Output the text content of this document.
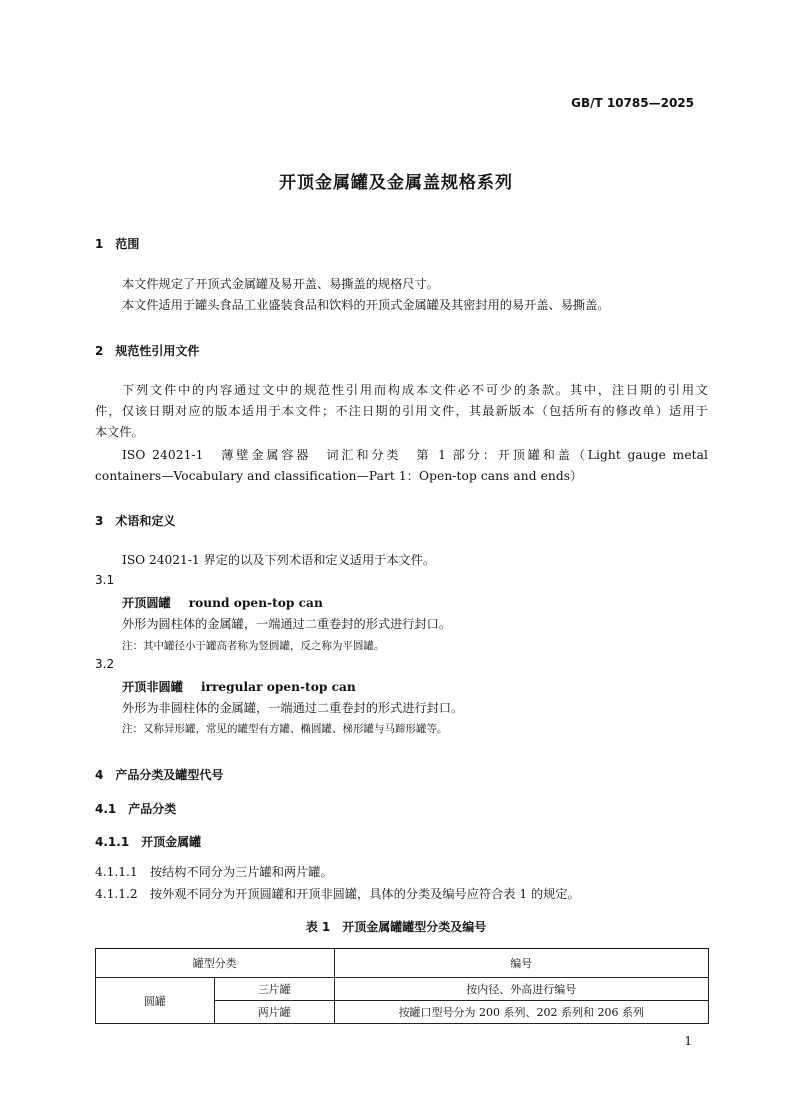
GB/T 10785—2025
开顶金属罐及金属盖规格系列
1　范围
本文件规定了开顶式金属罐及易开盖、易撕盖的规格尺寸。
本文件适用于罐头食品工业盛装食品和饮料的开顶式金属罐及其密封用的易开盖、易撕盖。
2　规范性引用文件
下列文件中的内容通过文中的规范性引用而构成本文件必不可少的条款。其中，注日期的引用文
件，仅该日期对应的版本适用于本文件；不注日期的引用文件，其最新版本（包括所有的修改单）适用于
本文件。
ISO 24021-1　薄壁金属容器　词汇和分类　第 1 部分：开顶罐和盖（Light gauge metal
containers—Vocabulary and classification—Part 1：Open-top cans and ends）
3　术语和定义
ISO 24021-1 界定的以及下列术语和定义适用于本文件。
3.1
开顶圆罐 round open-top can
外形为圆柱体的金属罐，一端通过二重卷封的形式进行封口。
注：其中罐径小于罐高者称为竖圆罐，反之称为平圆罐。
3.2
开顶非圆罐 irregular open-top can
外形为非圆柱体的金属罐，一端通过二重卷封的形式进行封口。
注：又称异形罐，常见的罐型有方罐、椭圆罐、梯形罐与马蹄形罐等。
4　产品分类及罐型代号
4.1　产品分类
4.1.1　开顶金属罐
4.1.1.1　按结构不同分为三片罐和两片罐。
4.1.1.2　按外观不同分为开顶圆罐和开顶非圆罐，具体的分类及编号应符合表 1 的规定。
表 1　开顶金属罐罐型分类及编号
罐型分类		编号
圆罐	三片罐	按内径、外高进行编号
	两片罐	按罐口型号分为 200 系列、202 系列和 206 系列
1
